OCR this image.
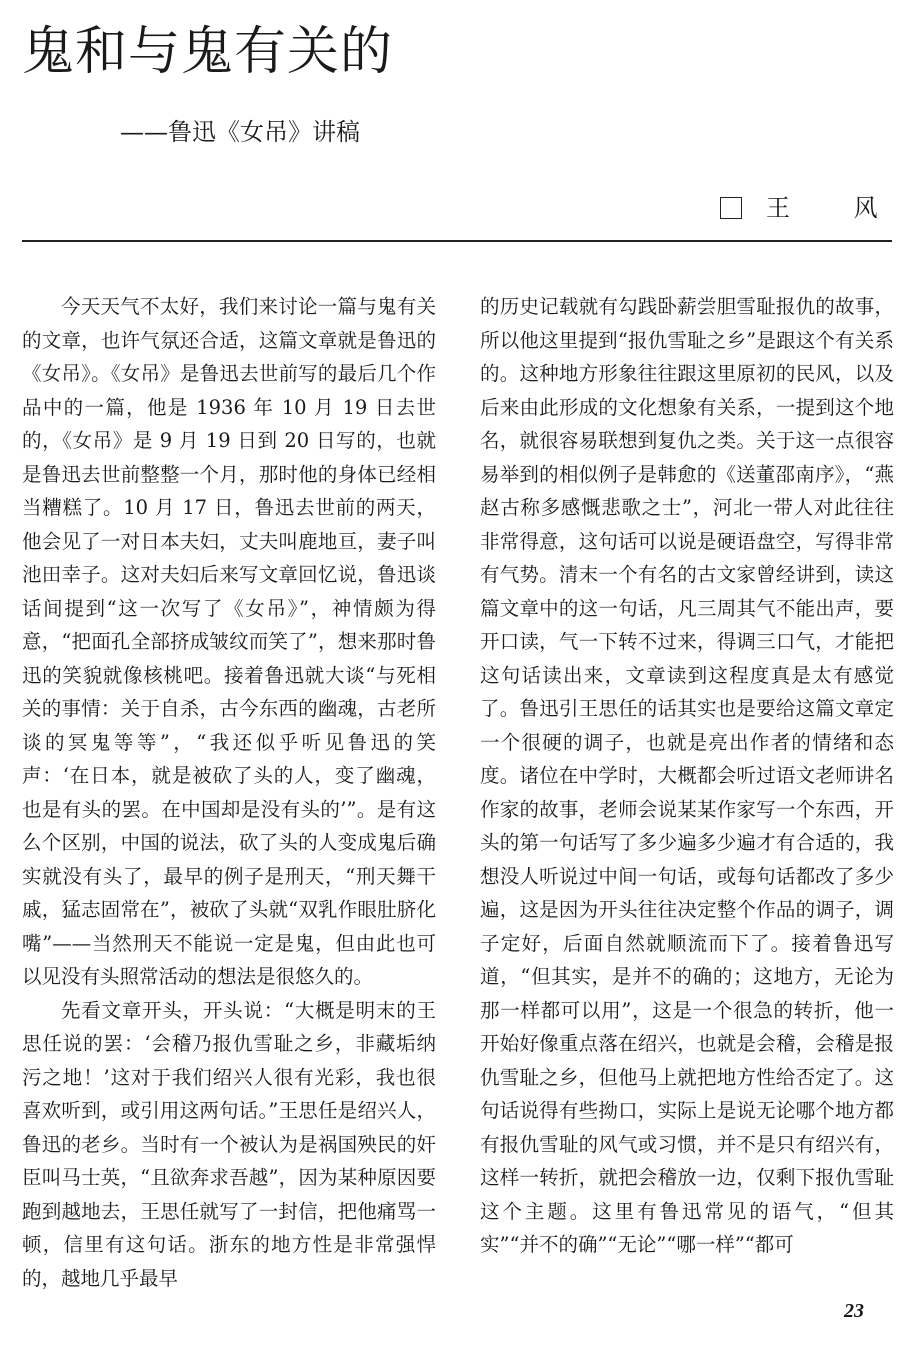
鬼和与鬼有关的
——鲁迅《女吊》讲稿
王 风

今天天气不太好，我们来讨论一篇与鬼有关的文章，也许气氛还合适，这篇文章就是鲁迅的《女吊》。《女吊》是鲁迅去世前写的最后几个作品中的一篇，他是 1936 年 10 月 19 日去世的，《女吊》是 9 月 19 日到 20 日写的，也就是鲁迅去世前整整一个月，那时他的身体已经相当糟糕了。10 月 17 日，鲁迅去世前的两天，他会见了一对日本夫妇，丈夫叫鹿地亘，妻子叫池田幸子。这对夫妇后来写文章回忆说，鲁迅谈话间提到“这一次写了《女吊》”，神情颇为得意，“把面孔全部挤成皱纹而笑了”，想来那时鲁迅的笑貌就像核桃吧。接着鲁迅就大谈“与死相关的事情：关于自杀，古今东西的幽魂，古老所谈的冥鬼等等”，“我还似乎听见鲁迅的笑声：‘在日本，就是被砍了头的人，变了幽魂，也是有头的罢。在中国却是没有头的’”。是有这么个区别，中国的说法，砍了头的人变成鬼后确实就没有头了，最早的例子是刑天，“刑天舞干戚，猛志固常在”，被砍了头就“双乳作眼肚脐化嘴”——当然刑天不能说一定是鬼，但由此也可以见没有头照常活动的想法是很悠久的。

先看文章开头，开头说：“大概是明末的王思任说的罢：‘会稽乃报仇雪耻之乡，非藏垢纳污之地！’这对于我们绍兴人很有光彩，我也很喜欢听到，或引用这两句话。”王思任是绍兴人，鲁迅的老乡。当时有一个被认为是祸国殃民的奸臣叫马士英，“且欲奔求吾越”，因为某种原因要跑到越地去，王思任就写了一封信，把他痛骂一顿，信里有这句话。浙东的地方性是非常强悍的，越地几乎最早

的历史记载就有勾践卧薪尝胆雪耻报仇的故事，所以他这里提到“报仇雪耻之乡”是跟这个有关系的。这种地方形象往往跟这里原初的民风，以及后来由此形成的文化想象有关系，一提到这个地名，就很容易联想到复仇之类。关于这一点很容易举到的相似例子是韩愈的《送董邵南序》，“燕赵古称多感慨悲歌之士”，河北一带人对此往往非常得意，这句话可以说是硬语盘空，写得非常有气势。清末一个有名的古文家曾经讲到，读这篇文章中的这一句话，凡三周其气不能出声，要开口读，气一下转不过来，得调三口气，才能把这句话读出来，文章读到这程度真是太有感觉了。鲁迅引王思任的话其实也是要给这篇文章定一个很硬的调子，也就是亮出作者的情绪和态度。诸位在中学时，大概都会听过语文老师讲名作家的故事，老师会说某某作家写一个东西，开头的第一句话写了多少遍多少遍才有合适的，我想没人听说过中间一句话，或每句话都改了多少遍，这是因为开头往往决定整个作品的调子，调子定好，后面自然就顺流而下了。接着鲁迅写道，“但其实，是并不的确的；这地方，无论为那一样都可以用”，这是一个很急的转折，他一开始好像重点落在绍兴，也就是会稽，会稽是报仇雪耻之乡，但他马上就把地方性给否定了。这句话说得有些拗口，实际上是说无论哪个地方都有报仇雪耻的风气或习惯，并不是只有绍兴有，这样一转折，就把会稽放一边，仅剩下报仇雪耻这个主题。这里有鲁迅常见的语气，“但其实”“并不的确”“无论”“哪一样”“都可

23
